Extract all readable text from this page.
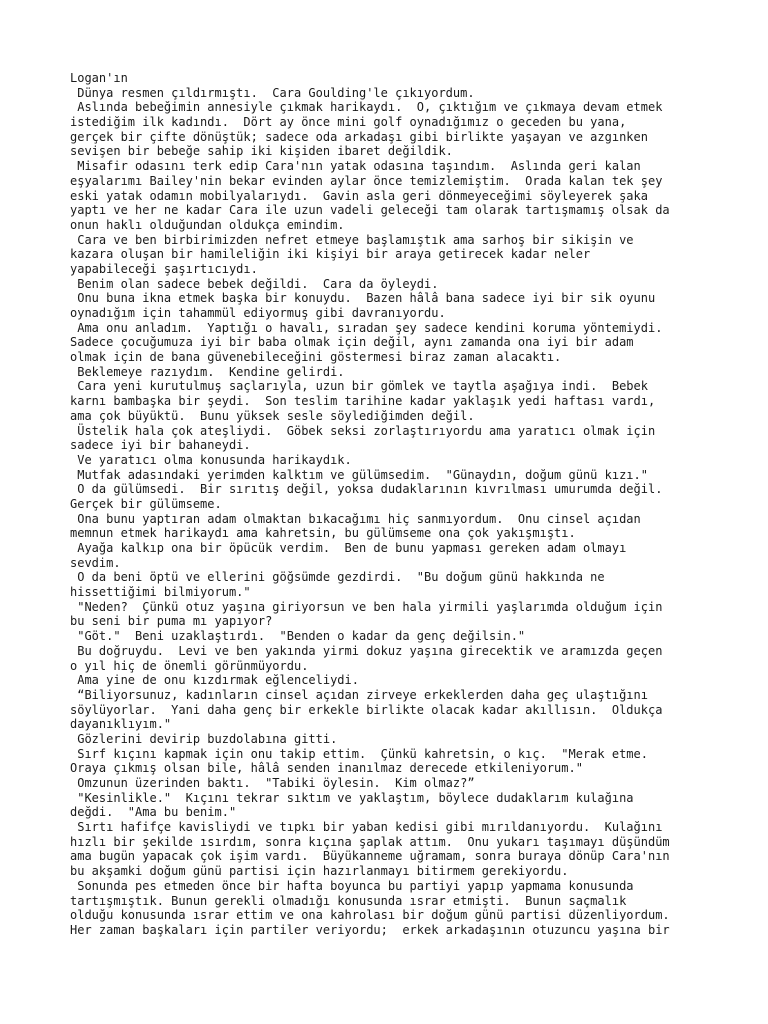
Logan'ın
Dünya resmen çıldırmıştı.  Cara Goulding'le çıkıyordum.
Aslında bebeğimin annesiyle çıkmak harikaydı.  O, çıktığım ve çıkmaya devam etmek
istediğim ilk kadındı.  Dört ay önce mini golf oynadığımız o geceden bu yana,
gerçek bir çifte dönüştük; sadece oda arkadaşı gibi birlikte yaşayan ve azgınken
sevişen bir bebeğe sahip iki kişiden ibaret değildik.
Misafir odasını terk edip Cara'nın yatak odasına taşındım.  Aslında geri kalan
eşyalarımı Bailey'nin bekar evinden aylar önce temizlemiştim.  Orada kalan tek şey
eski yatak odamın mobilyalarıydı.  Gavin asla geri dönmeyeceğimi söyleyerek şaka
yaptı ve her ne kadar Cara ile uzun vadeli geleceği tam olarak tartışmamış olsak da
onun haklı olduğundan oldukça emindim.
Cara ve ben birbirimizden nefret etmeye başlamıştık ama sarhoş bir sikişin ve
kazara oluşan bir hamileliğin iki kişiyi bir araya getirecek kadar neler
yapabileceği şaşırtıcıydı.
Benim olan sadece bebek değildi.  Cara da öyleydi.
Onu buna ikna etmek başka bir konuydu.  Bazen hâlâ bana sadece iyi bir sik oyunu
oynadığım için tahammül ediyormuş gibi davranıyordu.
Ama onu anladım.  Yaptığı o havalı, sıradan şey sadece kendini koruma yöntemiydi.
Sadece çocuğumuza iyi bir baba olmak için değil, aynı zamanda ona iyi bir adam
olmak için de bana güvenebileceğini göstermesi biraz zaman alacaktı.
Beklemeye razıydım.  Kendine gelirdi.
Cara yeni kurutulmuş saçlarıyla, uzun bir gömlek ve taytla aşağıya indi.  Bebek
karnı bambaşka bir şeydi.  Son teslim tarihine kadar yaklaşık yedi haftası vardı,
ama çok büyüktü.  Bunu yüksek sesle söylediğimden değil.
Üstelik hala çok ateşliydi.  Göbek seksi zorlaştırıyordu ama yaratıcı olmak için
sadece iyi bir bahaneydi.
Ve yaratıcı olma konusunda harikaydık.
Mutfak adasındaki yerimden kalktım ve gülümsedim.  "Günaydın, doğum günü kızı."
O da gülümsedi.  Bir sırıtış değil, yoksa dudaklarının kıvrılması umurumda değil.
Gerçek bir gülümseme.
Ona bunu yaptıran adam olmaktan bıkacağımı hiç sanmıyordum.  Onu cinsel açıdan
memnun etmek harikaydı ama kahretsin, bu gülümseme ona çok yakışmıştı.
Ayağa kalkıp ona bir öpücük verdim.  Ben de bunu yapması gereken adam olmayı
sevdim.
O da beni öptü ve ellerini göğsümde gezdirdi.  "Bu doğum günü hakkında ne
hissettiğimi bilmiyorum."
"Neden?  Çünkü otuz yaşına giriyorsun ve ben hala yirmili yaşlarımda olduğum için
bu seni bir puma mı yapıyor?
"Göt."  Beni uzaklaştırdı.  "Benden o kadar da genç değilsin."
Bu doğruydu.  Levi ve ben yakında yirmi dokuz yaşına girecektik ve aramızda geçen
o yıl hiç de önemli görünmüyordu.
Ama yine de onu kızdırmak eğlenceliydi.
“Biliyorsunuz, kadınların cinsel açıdan zirveye erkeklerden daha geç ulaştığını
söylüyorlar.  Yani daha genç bir erkekle birlikte olacak kadar akıllısın.  Oldukça
dayanıklıyım."
Gözlerini devirip buzdolabına gitti.
Sırf kıçını kapmak için onu takip ettim.  Çünkü kahretsin, o kıç.  "Merak etme.
Oraya çıkmış olsan bile, hâlâ senden inanılmaz derecede etkileniyorum."
Omzunun üzerinden baktı.  "Tabiki öylesin.  Kim olmaz?”
"Kesinlikle."  Kıçını tekrar sıktım ve yaklaştım, böylece dudaklarım kulağına
değdi.  "Ama bu benim."
Sırtı hafifçe kavisliydi ve tıpkı bir yaban kedisi gibi mırıldanıyordu.  Kulağını
hızlı bir şekilde ısırdım, sonra kıçına şaplak attım.  Onu yukarı taşımayı düşündüm
ama bugün yapacak çok işim vardı.  Büyükanneme uğramam, sonra buraya dönüp Cara'nın
bu akşamki doğum günü partisi için hazırlanmayı bitirmem gerekiyordu.
Sonunda pes etmeden önce bir hafta boyunca bu partiyi yapıp yapmama konusunda
tartışmıştık. Bunun gerekli olmadığı konusunda ısrar etmişti.  Bunun saçmalık
olduğu konusunda ısrar ettim ve ona kahrolası bir doğum günü partisi düzenliyordum.
Her zaman başkaları için partiler veriyordu;  erkek arkadaşının otuzuncu yaşına bir
